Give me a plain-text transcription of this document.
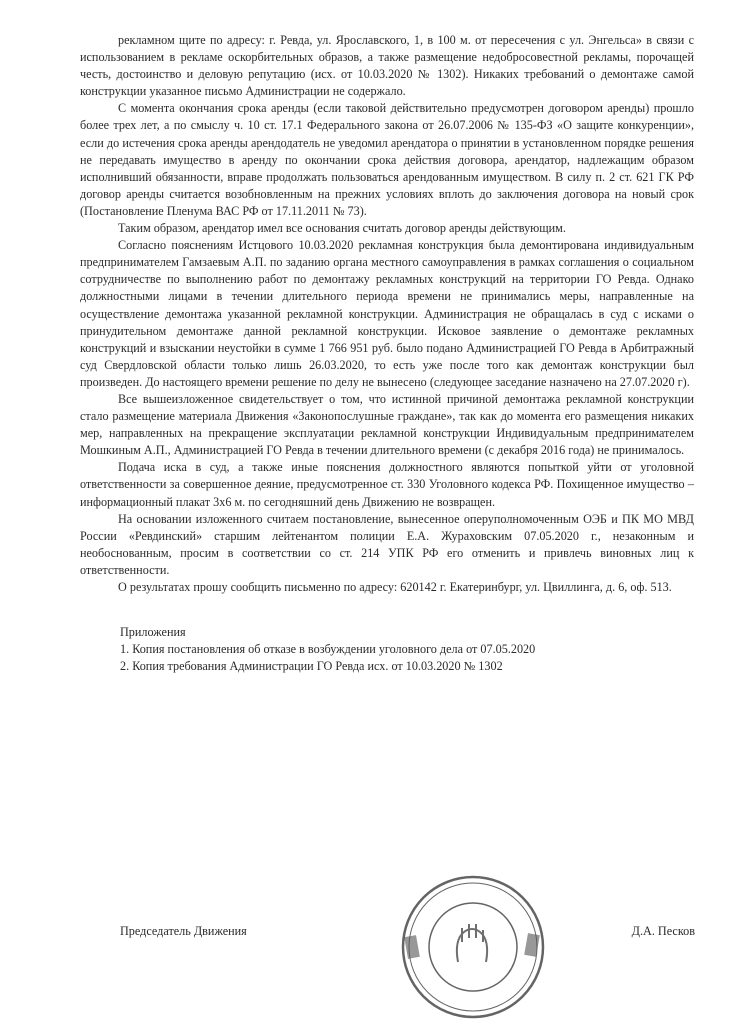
рекламном щите по адресу: г. Ревда, ул. Ярославского, 1, в 100 м. от пересечения с ул. Энгельса» в связи с использованием в рекламе оскорбительных образов, а также размещение недобросовестной рекламы, порочащей честь, достоинство и деловую репутацию (исх. от 10.03.2020 № 1302). Никаких требований о демонтаже самой конструкции указанное письмо Администрации не содержало.

С момента окончания срока аренды (если таковой действительно предусмотрен договором аренды) прошло более трех лет, а по смыслу ч. 10 ст. 17.1 Федерального закона от 26.07.2006 № 135-ФЗ «О защите конкуренции», если до истечения срока аренды арендодатель не уведомил арендатора о принятии в установленном порядке решения не передавать имущество в аренду по окончании срока действия договора, арендатор, надлежащим образом исполнивший обязанности, вправе продолжать пользоваться арендованным имуществом. В силу п. 2 ст. 621 ГК РФ договор аренды считается возобновленным на прежних условиях вплоть до заключения договора на новый срок (Постановление Пленума ВАС РФ от 17.11.2011 № 73).

Таким образом, арендатор имел все основания считать договор аренды действующим.

Согласно пояснениям Истцового 10.03.2020 рекламная конструкция была демонтирована индивидуальным предпринимателем Гамзаевым А.П. по заданию органа местного самоуправления в рамках соглашения о социальном сотрудничестве по выполнению работ по демонтажу рекламных конструкций на территории ГО Ревда. Однако должностными лицами в течении длительного периода времени не принимались меры, направленные на осуществление демонтажа указанной рекламной конструкции. Администрация не обращалась в суд с исками о принудительном демонтаже данной рекламной конструкции. Исковое заявление о демонтаже рекламных конструкций и взыскании неустойки в сумме 1 766 951 руб. было подано Администрацией ГО Ревда в Арбитражный суд Свердловской области только лишь 26.03.2020, то есть уже после того как демонтаж конструкции был произведен. До настоящего времени решение по делу не вынесено (следующее заседание назначено на 27.07.2020 г).

Все вышеизложенное свидетельствует о том, что истинной причиной демонтажа рекламной конструкции стало размещение материала Движения «Законопослушные граждане», так как до момента его размещения никаких мер, направленных на прекращение эксплуатации рекламной конструкции Индивидуальным предпринимателем Мошкиным А.П., Администрацией ГО Ревда в течении длительного времени (с декабря 2016 года) не принималось.

Подача иска в суд, а также иные пояснения должностного являются попыткой уйти от уголовной ответственности за совершенное деяние, предусмотренное ст. 330 Уголовного кодекса РФ. Похищенное имущество – информационный плакат 3x6 м. по сегодняшний день Движению не возвращен.

На основании изложенного считаем постановление, вынесенное оперуполномоченным ОЭБ и ПК МО МВД России «Ревдинский» старшим лейтенантом полиции Е.А. Жураховским 07.05.2020 г., незаконным и необоснованным, просим в соответствии со ст. 214 УПК РФ его отменить и привлечь виновных лиц к ответственности.

О результатах прошу сообщить письменно по адресу: 620142 г. Екатеринбург, ул. Цвиллинга, д. 6, оф. 513.

Приложения
1. Копия постановления об отказе в возбуждении уголовного дела от 07.05.2020
2. Копия требования Администрации ГО Ревда исх. от 10.03.2020 № 1302
Председатель Движения	Д.А. Песков
